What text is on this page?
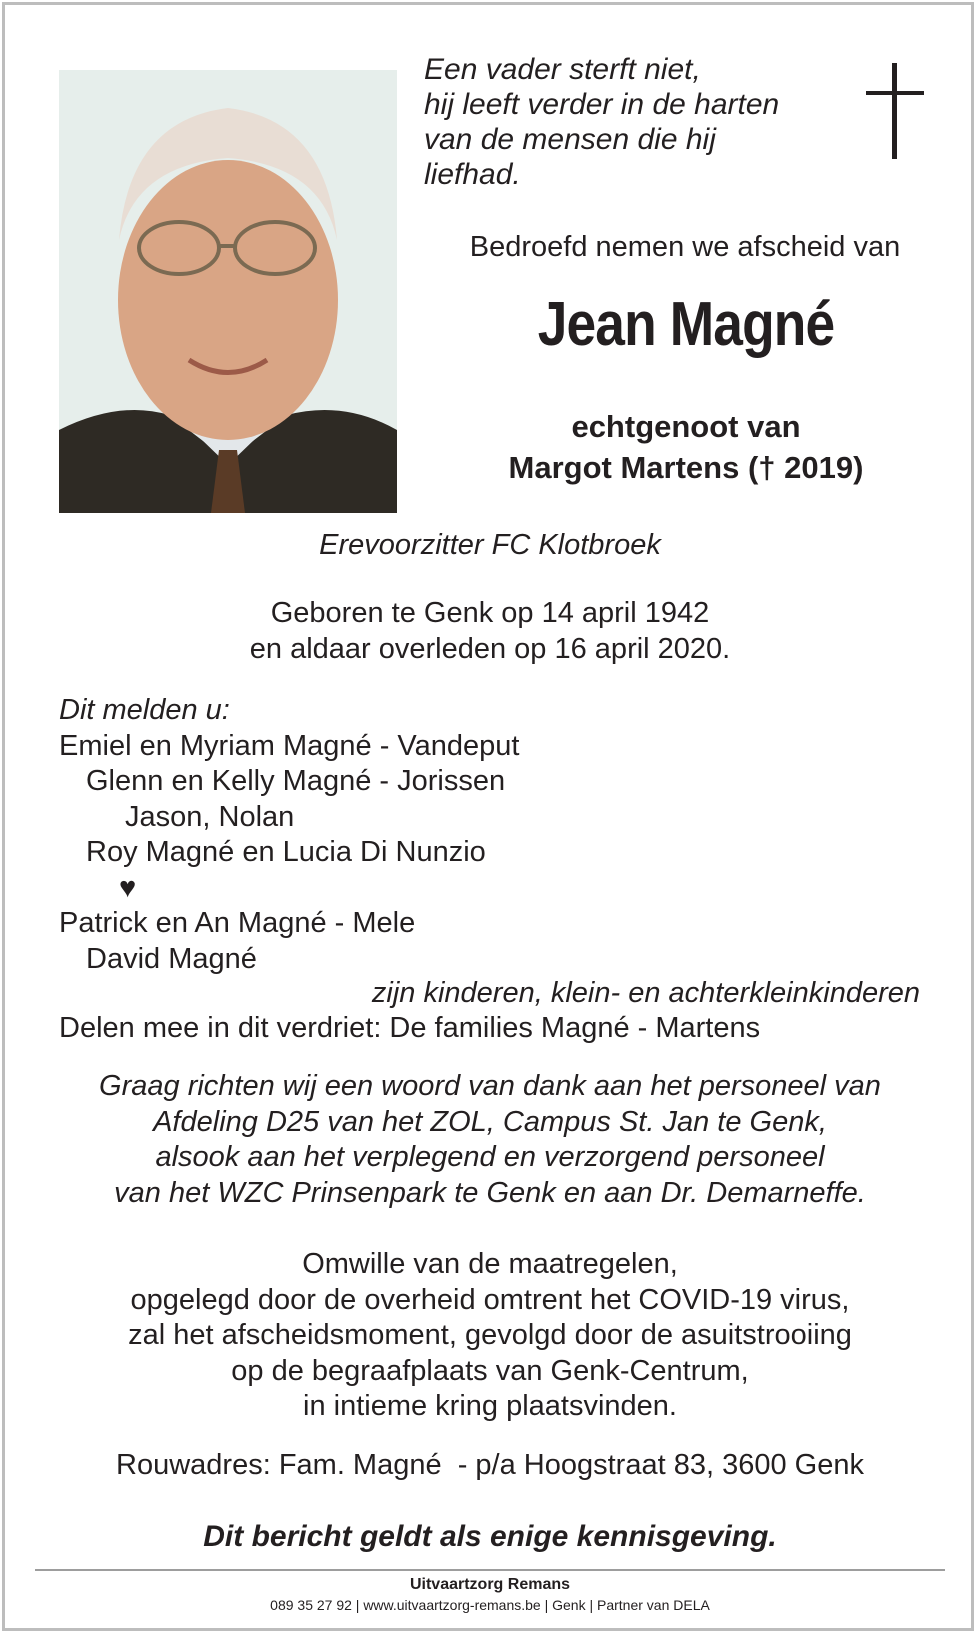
Een vader sterft niet,
hij leeft verder in de harten
van de mensen die hij
liefhad.
Bedroefd nemen we afscheid van
Jean Magné
echtgenoot van
Margot Martens († 2019)
Erevoorzitter FC Klotbroek
Geboren te Genk op 14 april 1942
en aldaar overleden op 16 april 2020.
Dit melden u:
Emiel en Myriam Magné - Vandeput
Glenn en Kelly Magné - Jorissen
Jason, Nolan
Roy Magné en Lucia Di Nunzio
♥
Patrick en An Magné - Mele
David Magné
zijn kinderen, klein- en achterkleinkinderen
Delen mee in dit verdriet: De families Magné - Martens
Graag richten wij een woord van dank aan het personeel van
Afdeling D25 van het ZOL, Campus St. Jan te Genk,
alsook aan het verplegend en verzorgend personeel
van het WZC Prinsenpark te Genk en aan Dr. Demarneffe.
Omwille van de maatregelen,
opgelegd door de overheid omtrent het COVID-19 virus,
zal het afscheidsmoment, gevolgd door de asuitstrooiing
op de begraafplaats van Genk-Centrum,
in intieme kring plaatsvinden.
Rouwadres: Fam. Magné  - p/a Hoogstraat 83, 3600 Genk
Dit bericht geldt als enige kennisgeving.
Uitvaartzorg Remans
089 35 27 92 | www.uitvaartzorg-remans.be | Genk | Partner van DELA
